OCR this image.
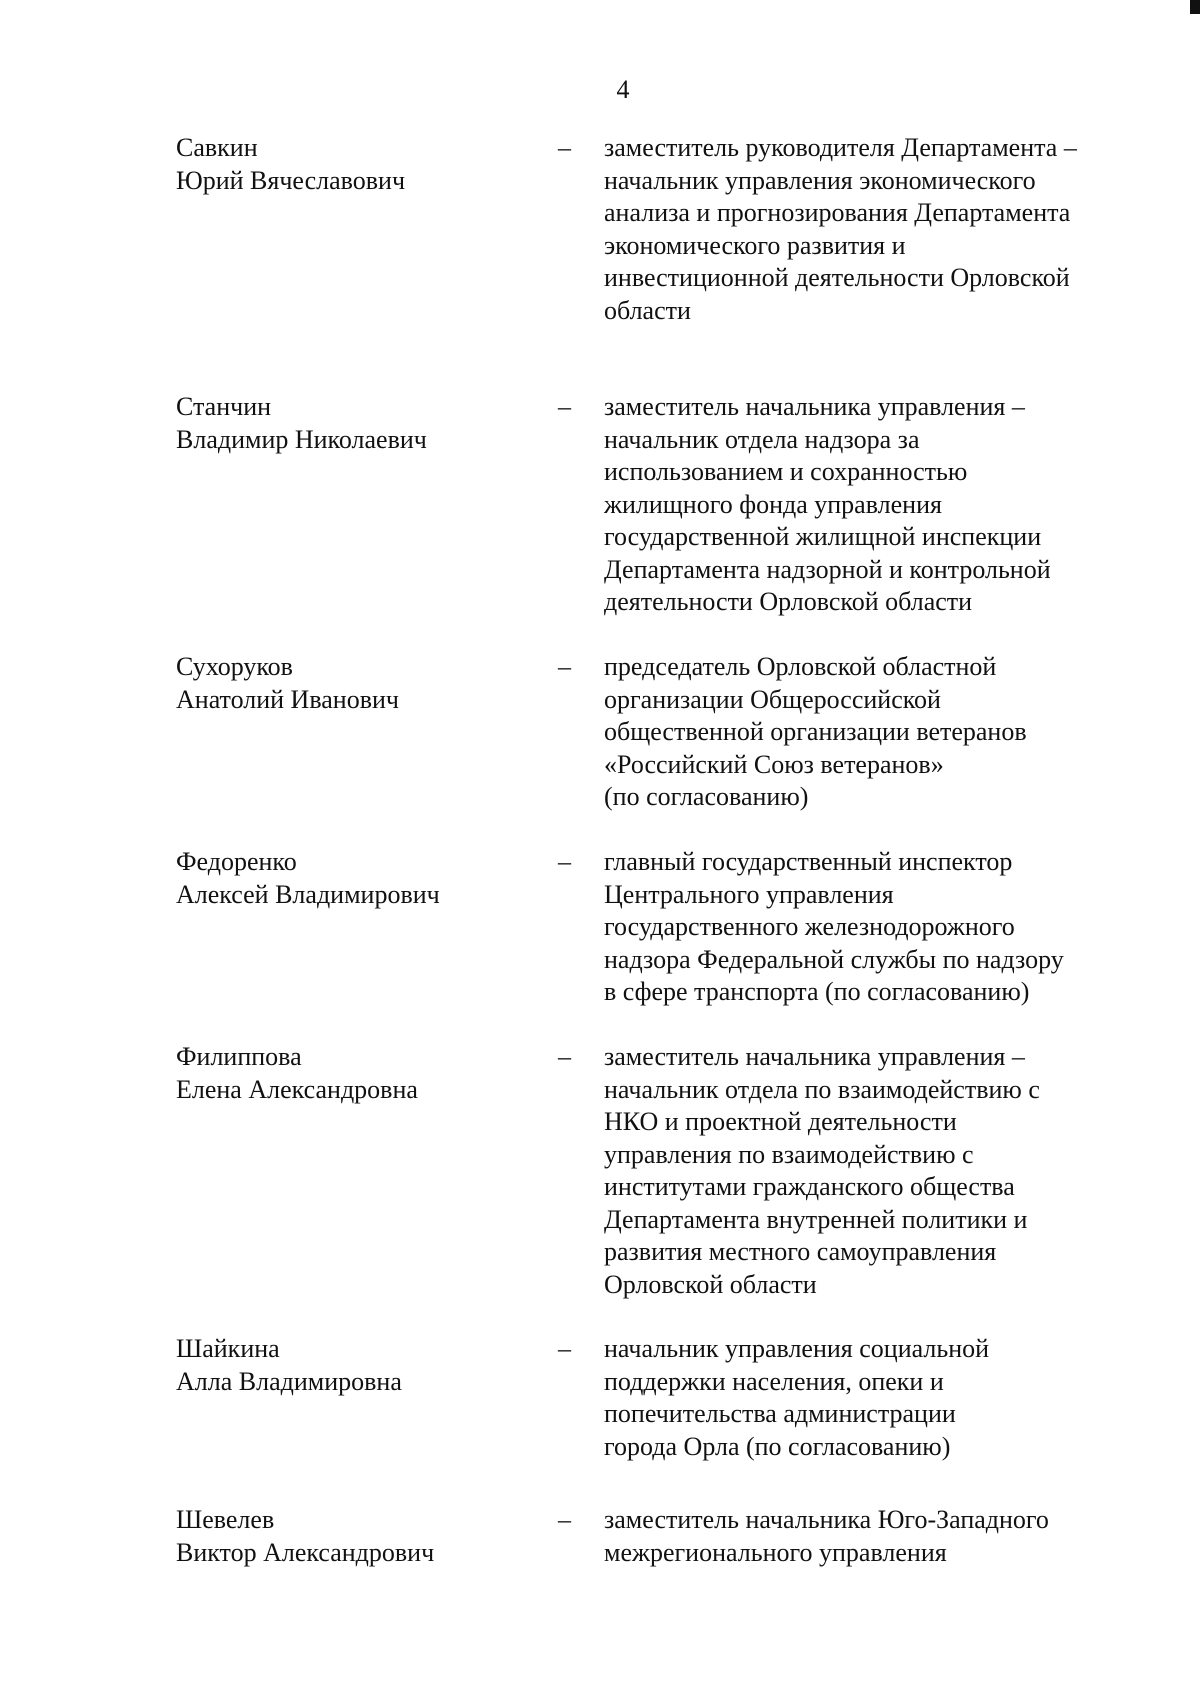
4
Савкин
Юрий Вячеславович
– заместитель руководителя Департамента –
начальник управления экономического
анализа и прогнозирования Департамента
экономического развития и
инвестиционной деятельности Орловской
области
Станчин
Владимир Николаевич
– заместитель начальника управления –
начальник отдела надзора за
использованием и сохранностью
жилищного фонда управления
государственной жилищной инспекции
Департамента надзорной и контрольной
деятельности Орловской области
Сухоруков
Анатолий Иванович
– председатель Орловской областной
организации Общероссийской
общественной организации ветеранов
«Российский Союз ветеранов»
(по согласованию)
Федоренко
Алексей Владимирович
– главный государственный инспектор
Центрального управления
государственного железнодорожного
надзора Федеральной службы по надзору
в сфере транспорта (по согласованию)
Филиппова
Елена Александровна
– заместитель начальника управления –
начальник отдела по взаимодействию с
НКО и проектной деятельности
управления по взаимодействию с
институтами гражданского общества
Департамента внутренней политики и
развития местного самоуправления
Орловской области
Шайкина
Алла Владимировна
– начальник управления социальной
поддержки населения, опеки и
попечительства администрации
города Орла (по согласованию)
Шевелев
Виктор Александрович
– заместитель начальника Юго-Западного
межрегионального управления
